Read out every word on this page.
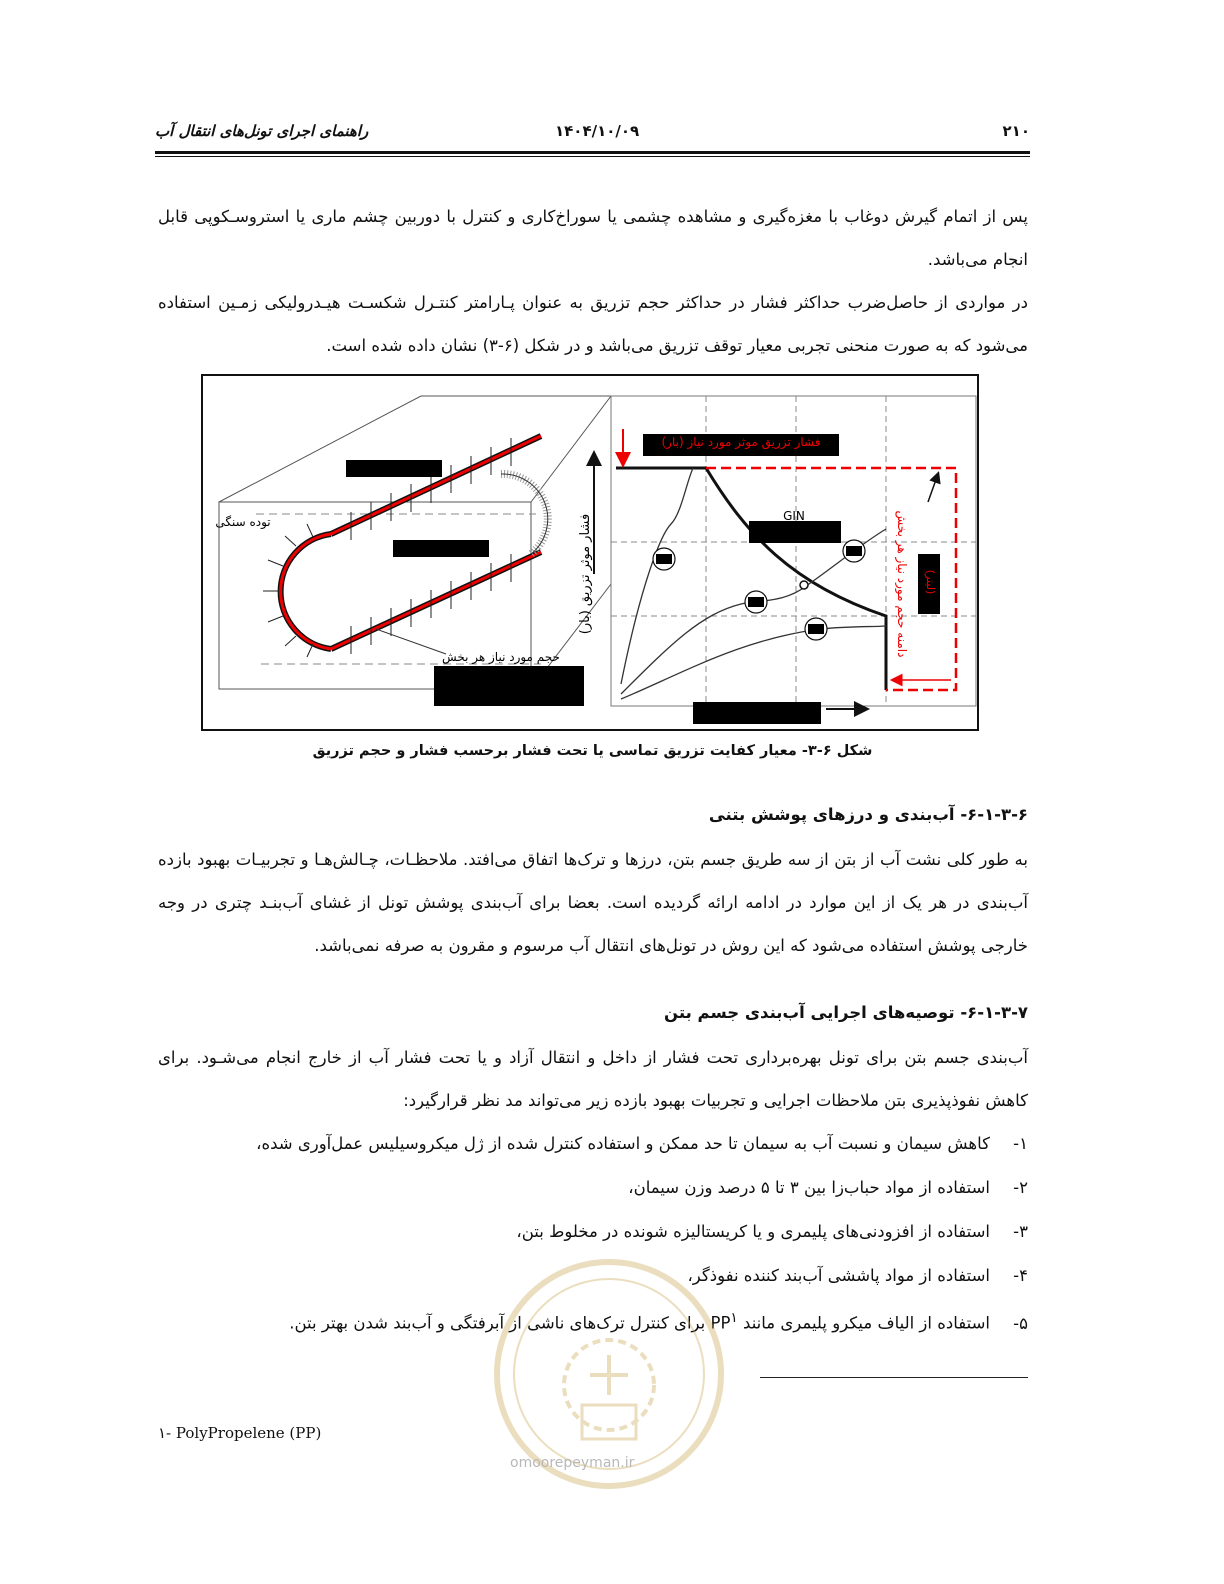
۲۱۰
۱۴۰۴/۱۰/۰۹
راهنمای اجرای تونل‌های انتقال آب
پس از اتمام گیرش دوغاب با مغزه‌گیری و مشاهده چشمی یا سوراخ‌کاری و کنترل با دوربین چشم ماری یا استروسـکوپی قابل انجام می‌باشد.
در مواردی از حاصل‌ضرب حداکثر فشار در حداکثر حجم تزریق به عنوان پـارامتر کنتـرل شکسـت هیـدرولیکی زمـین استفاده می‌شود که به صورت منحنی تجربی معیار توقف تزریق می‌باشد و در شکل (۶-۳) نشان داده شده است.
توده سنگی
حجم مورد نیاز هر بخش
فشار موثر تزریق (بار)	GIN
فشار تزریق موثر مورد نیاز (بار)
دامنه حجم مورد نیاز هر بخش (لیتر)
شکل ۶-۳- معیار کفایت تزریق تماسی یا تحت فشار برحسب فشار و حجم تزریق
۶-۱-۳-۶- آب‌بندی و درزهای پوشش بتنی
به طور کلی نشت آب از بتن از سه طریق جسم بتن، درزها و ترک‌ها اتفاق می‌افتد. ملاحظـات، چـالش‌هـا و تجربیـات بهبود بازده آب‌بندی در هر یک از این موارد در ادامه ارائه گردیده است. بعضا برای آب‌بندی پوشش تونل از غشای آب‌بنـد چتری در وجه خارجی پوشش استفاده می‌شود که این روش در تونل‌های انتقال آب مرسوم و مقرون به صرفه نمی‌باشد.
۶-۱-۳-۷- توصیه‌های اجرایی آب‌بندی جسم بتن
آب‌بندی جسم بتن برای تونل بهره‌برداری تحت فشار از داخل و انتقال آزاد و یا تحت فشار آب از خارج انجام می‌شـود. برای کاهش نفوذپذیری بتن ملاحظات اجرایی و تجربیات بهبود بازده زیر می‌تواند مد نظر قرارگیرد:
۱-کاهش سیمان و نسبت آب به سیمان تا حد ممکن و استفاده کنترل شده از ژل میکروسیلیس عمل‌آوری شده،
۲-استفاده از مواد حباب‌زا بین ۳ تا ۵ درصد وزن سیمان،
۳-استفاده از افزودنی‌های پلیمری و یا کریستالیزه شونده در مخلوط بتن،
۴-استفاده از مواد پاششی آب‌بند کننده نفوذگر،
۵-استفاده از الیاف میکرو پلیمری مانند $PP^۱$ برای کنترل ترک‌های ناشی از آبرفتگی و آب‌بند شدن بهتر بتن.
omoorepeyman.ir
۱- PolyPropelene (PP)
